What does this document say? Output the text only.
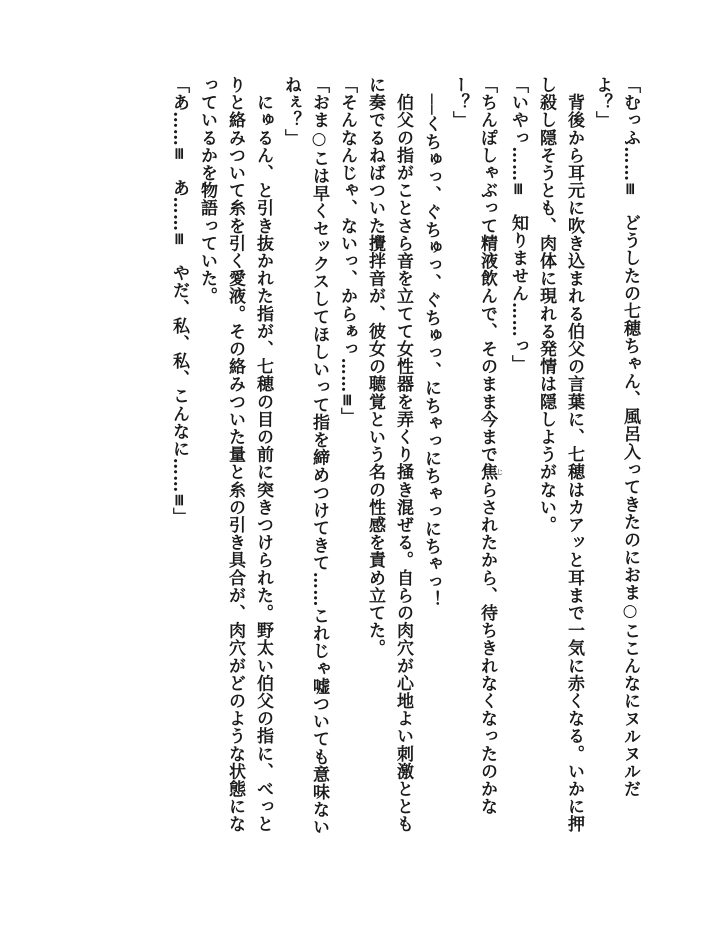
「むっふ……≡　どうしたの七穂ちゃん、風呂入ってきたのにおま○ここんなにヌルヌルだ
よ？」
　背後から耳元に吹き込まれる伯父の言葉に、七穂はカアッと耳まで一気に赤くなる。いかに押
し殺し隠そうとも、肉体に現れる発情は隠しようがない。
「いやっ……≡　知りません……っ」
「ちんぽしゃぶって精液飲んで、そのまま今まで焦 じらされたから、待ちきれなくなったのかな
ー？」
　──くちゅっ、ぐちゅっ、ぐちゅっ、にちゃっにちゃっにちゃっ！
　伯父の指がことさら音を立てて女性器を弄くり掻き混ぜる。自らの肉穴が心地よい刺激ととも
に奏でるねばついた攪拌音が、彼女の聴覚という名の性感を責め立てた。
「そんなんじゃ、ないっ、からぁっ……≡」
「おま○こは早くセックスしてほしいって指を締めつけてきて……これじゃ嘘ついても意味ない
ねぇ？」
　にゅるん、と引き抜かれた指が、七穂の目の前に突きつけられた。野太い伯父の指に、べっと
りと絡みついて糸を引く愛液。その絡みついた量と糸の引き具合が、肉穴がどのような状態にな
っているかを物語っていた。
「あ……≡　あ……≡　やだ、私、私、こんなに……≡」
